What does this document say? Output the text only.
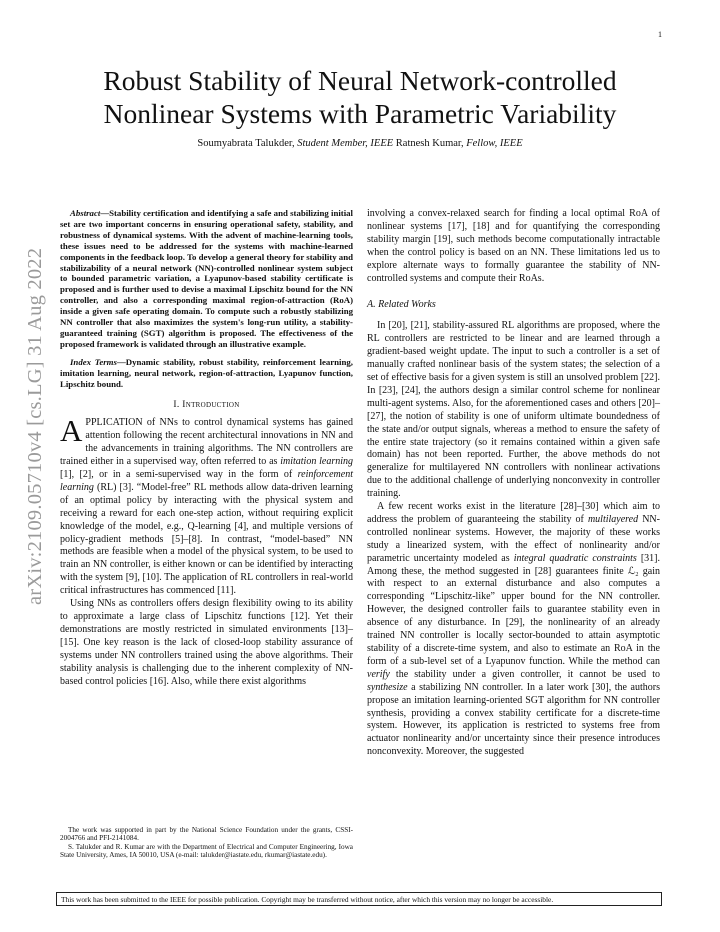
1
arXiv:2109.05710v4 [cs.LG] 31 Aug 2022
Robust Stability of Neural Network-controlled
Nonlinear Systems with Parametric Variability
Soumyabrata Talukder, Student Member, IEEE Ratnesh Kumar, Fellow, IEEE

Abstract—Stability certification and identifying a safe and stabilizing initial set are two important concerns in ensuring operational safety, stability, and robustness of dynamical systems. With the advent of machine-learning tools, these issues need to be addressed for the systems with machine-learned components in the feedback loop. To develop a general theory for stability and stabilizability of a neural network (NN)-controlled nonlinear system subject to bounded parametric variation, a Lyapunov-based stability certificate is proposed and is further used to devise a maximal Lipschitz bound for the NN controller, and also a corresponding maximal region-of-attraction (RoA) inside a given safe operating domain. To compute such a robustly stabilizing NN controller that also maximizes the system's long-run utility, a stability-guaranteed training (SGT) algorithm is proposed. The effectiveness of the proposed framework is validated through an illustrative example.

Index Terms—Dynamic stability, robust stability, reinforcement learning, imitation learning, neural network, region-of-attraction, Lyapunov function, Lipschitz bound.

I. Introduction

APPLICATION of NNs to control dynamical systems has gained attention following the recent architectural innovations in NN and the advancements in training algorithms. The NN controllers are trained either in a supervised way, often referred to as imitation learning [1], [2], or in a semi-supervised way in the form of reinforcement learning (RL) [3]. “Model-free” RL methods allow data-driven learning of an optimal policy by interacting with the physical system and receiving a reward for each one-step action, without requiring explicit knowledge of the model, e.g., Q-learning [4], and multiple versions of policy-gradient methods [5]–[8]. In contrast, “model-based” NN methods are feasible when a model of the physical system, to be used to train an NN controller, is either known or can be identified by interacting with the system [9], [10]. The application of RL controllers in real-world critical infrastructures has commenced [11].

Using NNs as controllers offers design flexibility owing to its ability to approximate a large class of Lipschitz functions [12]. Yet their demonstrations are mostly restricted in simulated environments [13]–[15]. One key reason is the lack of closed-loop stability assurance of systems under NN controllers trained using the above algorithms. Their stability analysis is challenging due to the inherent complexity of NN-based control policies [16]. Also, while there exist algorithms

involving a convex-relaxed search for finding a local optimal RoA of nonlinear systems [17], [18] and for quantifying the corresponding stability margin [19], such methods become computationally intractable when the control policy is based on an NN. These limitations led us to explore alternate ways to formally guarantee the stability of NN-controlled systems and compute their RoAs.

A. Related Works

In [20], [21], stability-assured RL algorithms are proposed, where the RL controllers are restricted to be linear and are learned through a gradient-based weight update. The input to such a controller is a set of manually crafted nonlinear basis of the system states; the selection of a set of effective basis for a given system is still an unsolved problem [22]. In [23], [24], the authors design a similar control scheme for nonlinear multi-agent systems. Also, for the aforementioned cases and others [20]–[27], the notion of stability is one of uniform ultimate boundedness of the state and/or output signals, whereas a method to ensure the safety of the entire state trajectory (so it remains contained within a given safe domain) has not been reported. Further, the above methods do not generalize for multilayered NN controllers with nonlinear activations due to the additional challenge of underlying nonconvexity in controller training.

A few recent works exist in the literature [28]–[30] which aim to address the problem of guaranteeing the stability of multilayered NN-controlled nonlinear systems. However, the majority of these works study a linearized system, with the effect of nonlinearity and/or parametric uncertainty modeled as integral quadratic constraints [31]. Among these, the method suggested in [28] guarantees finite ℒ₂ gain with respect to an external disturbance and also computes a corresponding “Lipschitz-like” upper bound for the NN controller. However, the designed controller fails to guarantee stability even in absence of any disturbance. In [29], the nonlinearity of an already trained NN controller is locally sector-bounded to attain asymptotic stability of a discrete-time system, and also to estimate an RoA in the form of a sub-level set of a Lyapunov function. While the method can verify the stability under a given controller, it cannot be used to synthesize a stabilizing NN controller. In a later work [30], the authors propose an imitation learning-oriented SGT algorithm for NN controller synthesis, providing a convex stability certificate for a discrete-time system. However, its application is restricted to systems free from actuator nonlinearity and/or uncertainty since their presence introduces nonconvexity. Moreover, the suggested

The work was supported in part by the National Science Foundation under the grants, CSSI-2004766 and PFI-2141084.

S. Talukder and R. Kumar are with the Department of Electrical and Computer Engineering, Iowa State University, Ames, IA 50010, USA (e-mail: talukder@iastate.edu, rkumar@iastate.edu).

This work has been submitted to the IEEE for possible publication. Copyright may be transferred without notice, after which this version may no longer be accessible.
